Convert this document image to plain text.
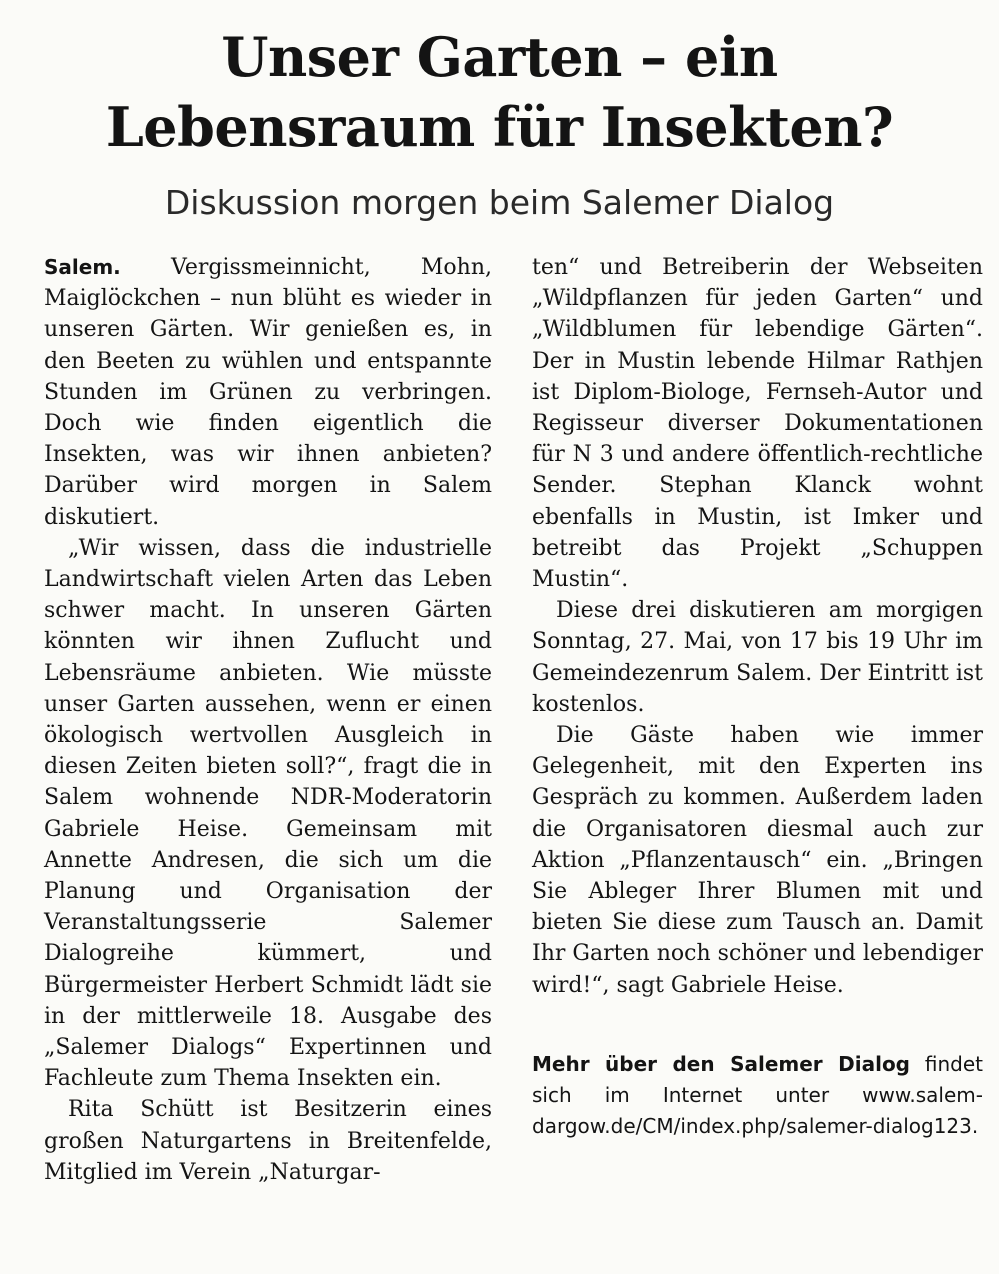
Unser Garten – ein
Lebensraum für Insekten?
Diskussion morgen beim Salemer Dialog

Salem. Vergissmeinnicht, Mohn, Maiglöckchen – nun blüht es wieder in unseren Gärten. Wir genießen es, in den Beeten zu wühlen und entspannte Stunden im Grünen zu verbringen. Doch wie finden eigentlich die Insekten, was wir ihnen anbieten? Darüber wird morgen in Salem diskutiert.

„Wir wissen, dass die industrielle Landwirtschaft vielen Arten das Leben schwer macht. In unseren Gärten könnten wir ihnen Zuflucht und Lebensräume anbieten. Wie müsste unser Garten aussehen, wenn er einen ökologisch wertvollen Ausgleich in diesen Zeiten bieten soll?“, fragt die in Salem wohnende NDR-Moderatorin Gabriele Heise. Gemeinsam mit Annette Andresen, die sich um die Planung und Organisation der Veranstaltungsserie Salemer Dialogreihe kümmert, und Bürgermeister Herbert Schmidt lädt sie in der mittlerweile 18. Ausgabe des „Salemer Dialogs“ Expertinnen und Fachleute zum Thema Insekten ein.

Rita Schütt ist Besitzerin eines großen Naturgartens in Breitenfelde, Mitglied im Verein „Naturgar-

ten“ und Betreiberin der Webseiten „Wildpflanzen für jeden Garten“ und „Wildblumen für lebendige Gärten“. Der in Mustin lebende Hilmar Rathjen ist Diplom-Biologe, Fernseh-Autor und Regisseur diverser Dokumentationen für N 3 und andere öffentlich-rechtliche Sender. Stephan Klanck wohnt ebenfalls in Mustin, ist Imker und betreibt das Projekt „Schuppen Mustin“.

Diese drei diskutieren am morgigen Sonntag, 27. Mai, von 17 bis 19 Uhr im Gemeindezenrum Salem. Der Eintritt ist kostenlos.

Die Gäste haben wie immer Gelegenheit, mit den Experten ins Gespräch zu kommen. Außerdem laden die Organisatoren diesmal auch zur Aktion „Pflanzentausch“ ein. „Bringen Sie Ableger Ihrer Blumen mit und bieten Sie diese zum Tausch an. Damit Ihr Garten noch schöner und lebendiger wird!“, sagt Gabriele Heise.

Mehr über den Salemer Dialog findet sich im Internet unter www.salem-dargow.de/CM/index.php/salemer-dialog123.
